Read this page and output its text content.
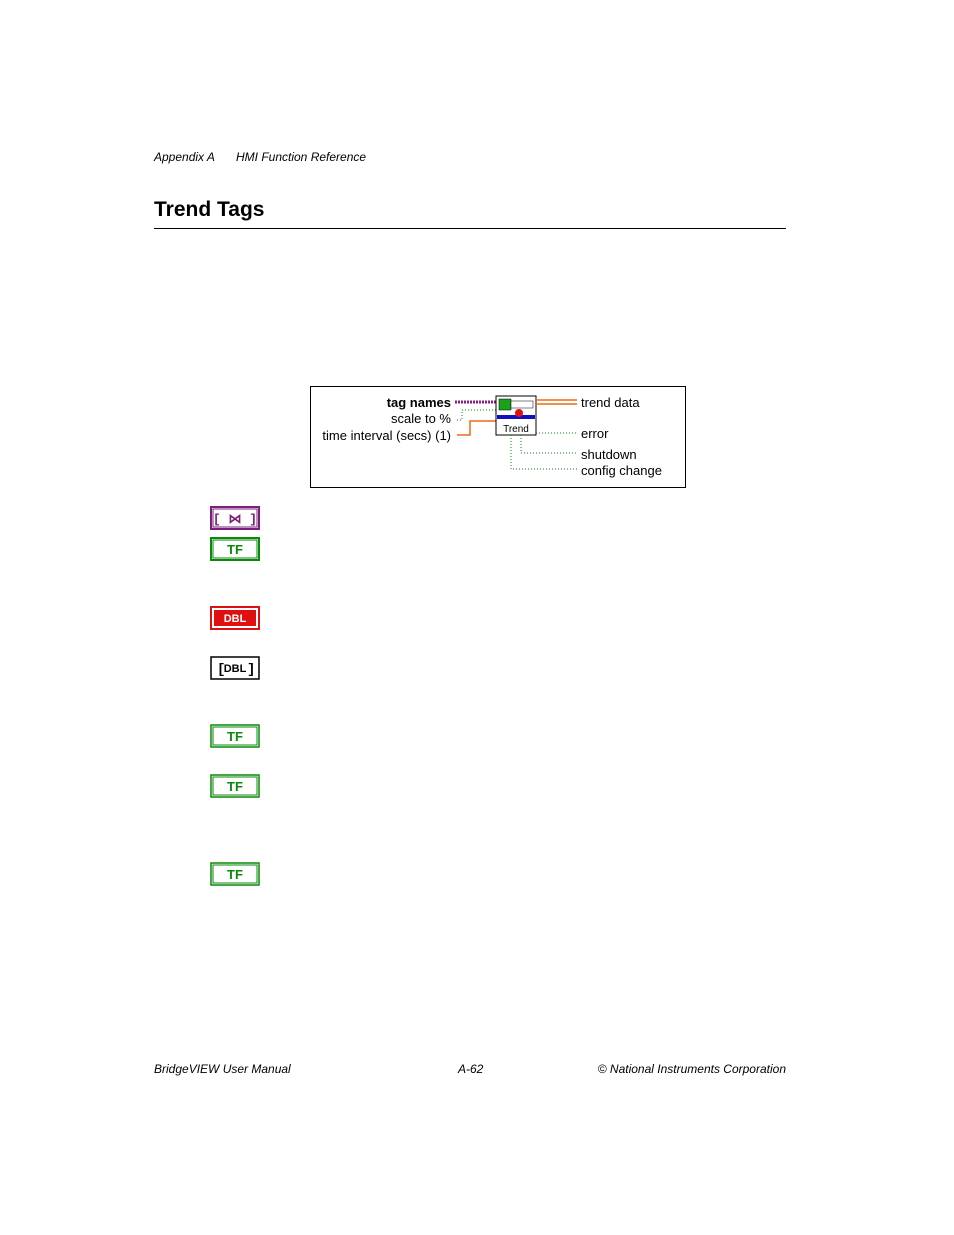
Appendix A HMI Function Reference
Trend Tags
tag names
scale to %
time interval (secs) (1)	Trend
trend data
error
shutdown
config change
[ ⋈ ]
TF
DBL
[
DBL ]
TF
TF
TF
BridgeVIEW User Manual	A-62	© National Instruments Corporation
